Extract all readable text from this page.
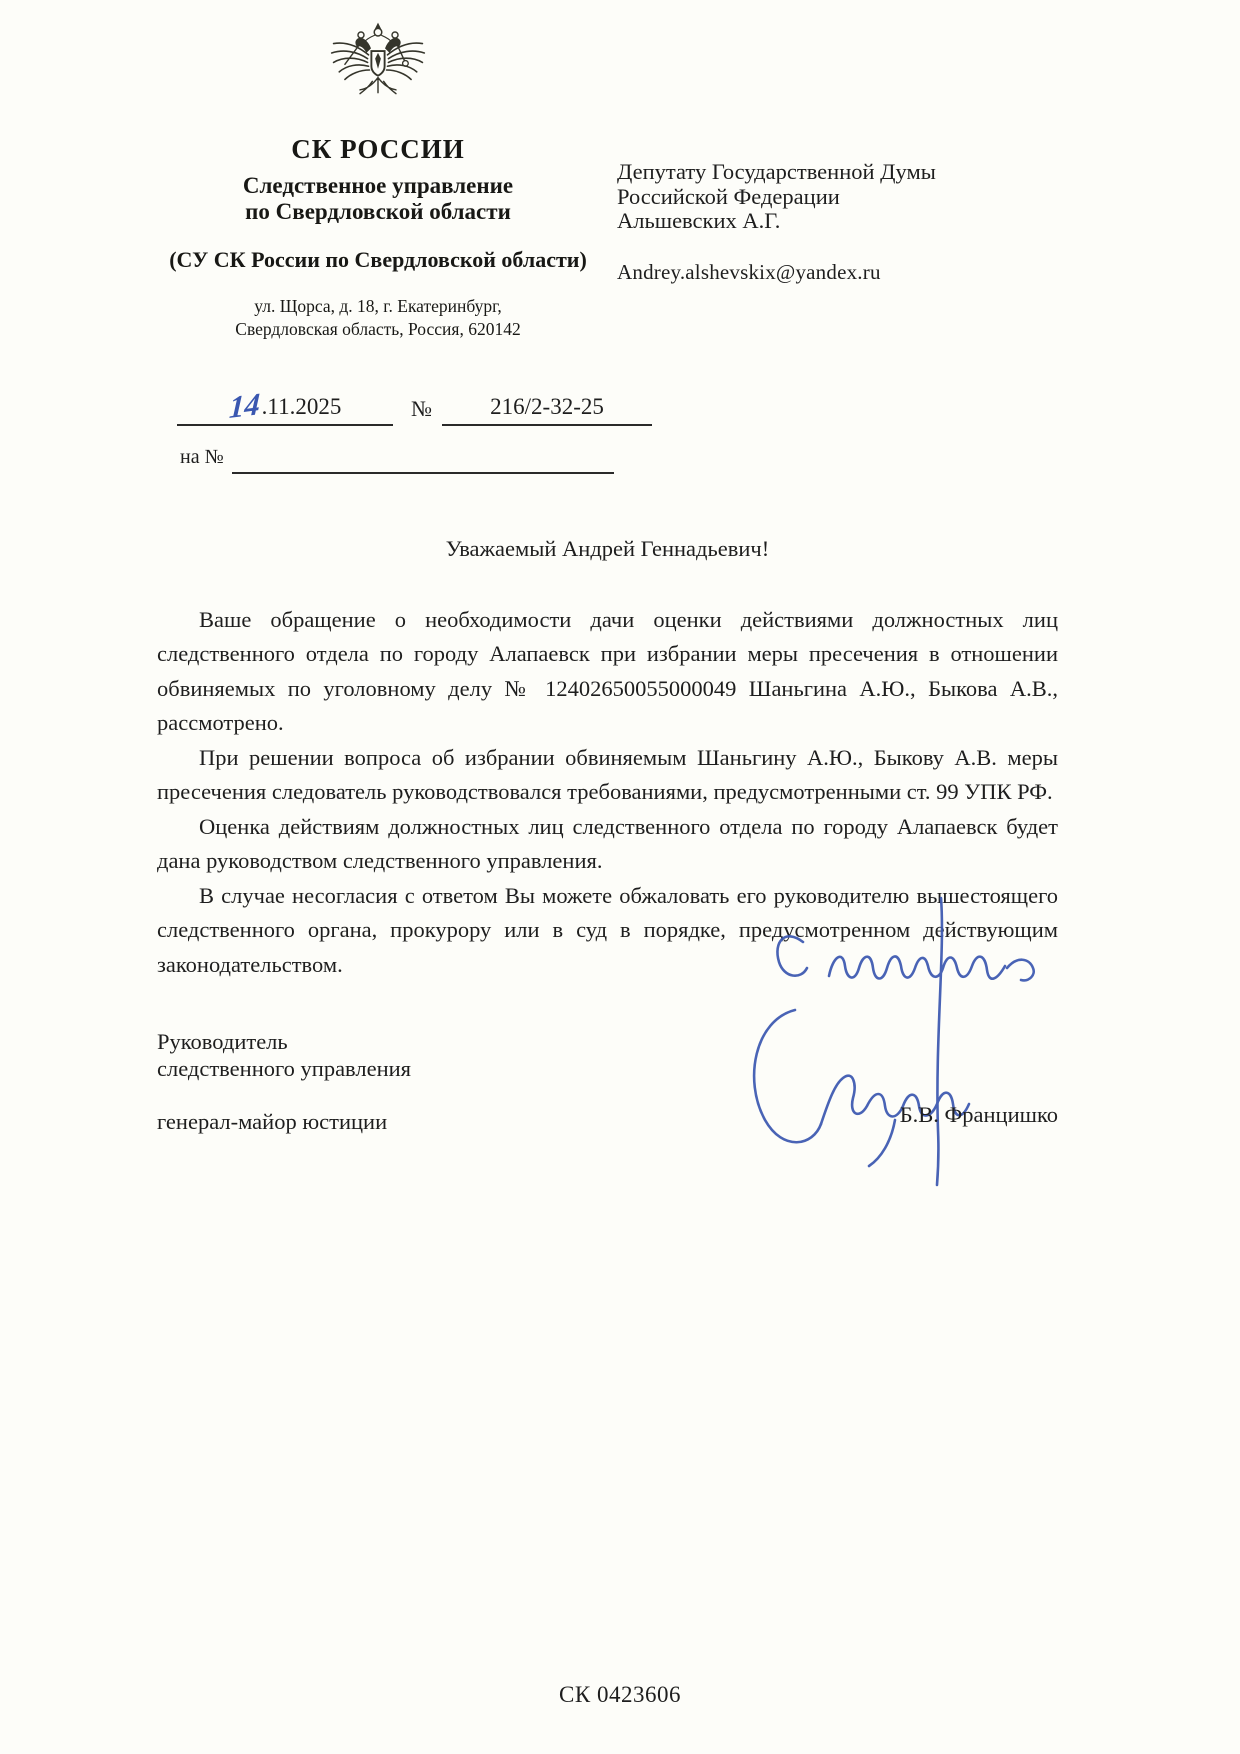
СК РОССИИ
Следственное управление
по Свердловской области
(СУ СК России по Свердловской области)
ул. Щорса, д. 18, г. Екатеринбург,
Свердловская область, Россия, 620142
14 .11.2025	№	216/2-32-25
на №
Депутату Государственной Думы
Российской Федерации
Альшевских А.Г.
Andrey.alshevskix@yandex.ru
Уважаемый Андрей Геннадьевич!

Ваше обращение о необходимости дачи оценки действиями должностных лиц следственного отдела по городу Алапаевск при избрании меры пресечения в отношении обвиняемых по уголовному делу № 12402650055000049 Шаньгина А.Ю., Быкова А.В., рассмотрено.

При решении вопроса об избрании обвиняемым Шаньгину А.Ю., Быкову А.В. меры пресечения следователь руководствовался требованиями, предусмотренными ст. 99 УПК РФ.

Оценка действиям должностных лиц следственного отдела по городу Алапаевск будет дана руководством следственного управления.

В случае несогласия с ответом Вы можете обжаловать его руководителю вышестоящего следственного органа, прокурору или в суд в порядке, предусмотренном действующим законодательством.

Руководитель
следственного управления
генерал-майор юстиции	Б.В. Францишко
СК 0423606
